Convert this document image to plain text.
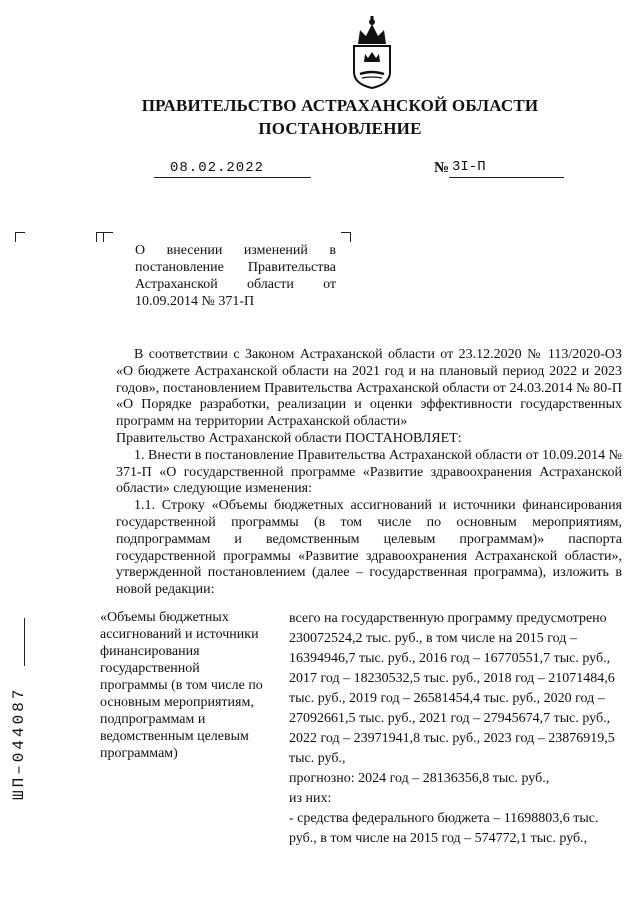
ПРАВИТЕЛЬСТВО АСТРАХАНСКОЙ ОБЛАСТИ
ПОСТАНОВЛЕНИЕ
08.02.2022	№ 3I-П
О внесении изменений в постановление Правительства Астраханской области от 10.09.2014 № 371-П

В соответствии с Законом Астраханской области от 23.12.2020 № 113/2020-ОЗ «О бюджете Астраханской области на 2021 год и на плановый период 2022 и 2023 годов», постановлением Правительства Астраханской области от 24.03.2014 № 80-П «О Порядке разработки, реализации и оценки эффективности государственных программ на территории Астраханской области»

Правительство Астраханской области ПОСТАНОВЛЯЕТ:

1. Внести в постановление Правительства Астраханской области от 10.09.2014 № 371-П «О государственной программе «Развитие здравоохранения Астраханской области» следующие изменения:

1.1. Строку «Объемы бюджетных ассигнований и источники финансирования государственной программы (в том числе по основным мероприятиям, подпрограммам и ведомственным целевым программам)» паспорта государственной программы «Развитие здравоохранения Астраханской области», утвержденной постановлением (далее – государственная программа), изложить в новой редакции:

«Объемы бюджетных ассигнований и источники финансирования государственной программы (в том числе по основным мероприятиям, подпрограммам и ведомственным целевым программам)

всего на государственную программу предусмотрено 230072524,2 тыс. руб., в том числе на 2015 год – 16394946,7 тыс. руб., 2016 год – 16770551,7 тыс. руб., 2017 год – 18230532,5 тыс. руб., 2018 год – 21071484,6 тыс. руб., 2019 год – 26581454,4 тыс. руб., 2020 год – 27092661,5 тыс. руб., 2021 год – 27945674,7 тыс. руб., 2022 год – 23971941,8 тыс. руб., 2023 год – 23876919,5 тыс. руб.,

прогнозно: 2024 год – 28136356,8 тыс. руб.,

из них:

- средства федерального бюджета – 11698803,6 тыс. руб., в том числе на 2015 год – 574772,1 тыс. руб.,

ШП–044087
